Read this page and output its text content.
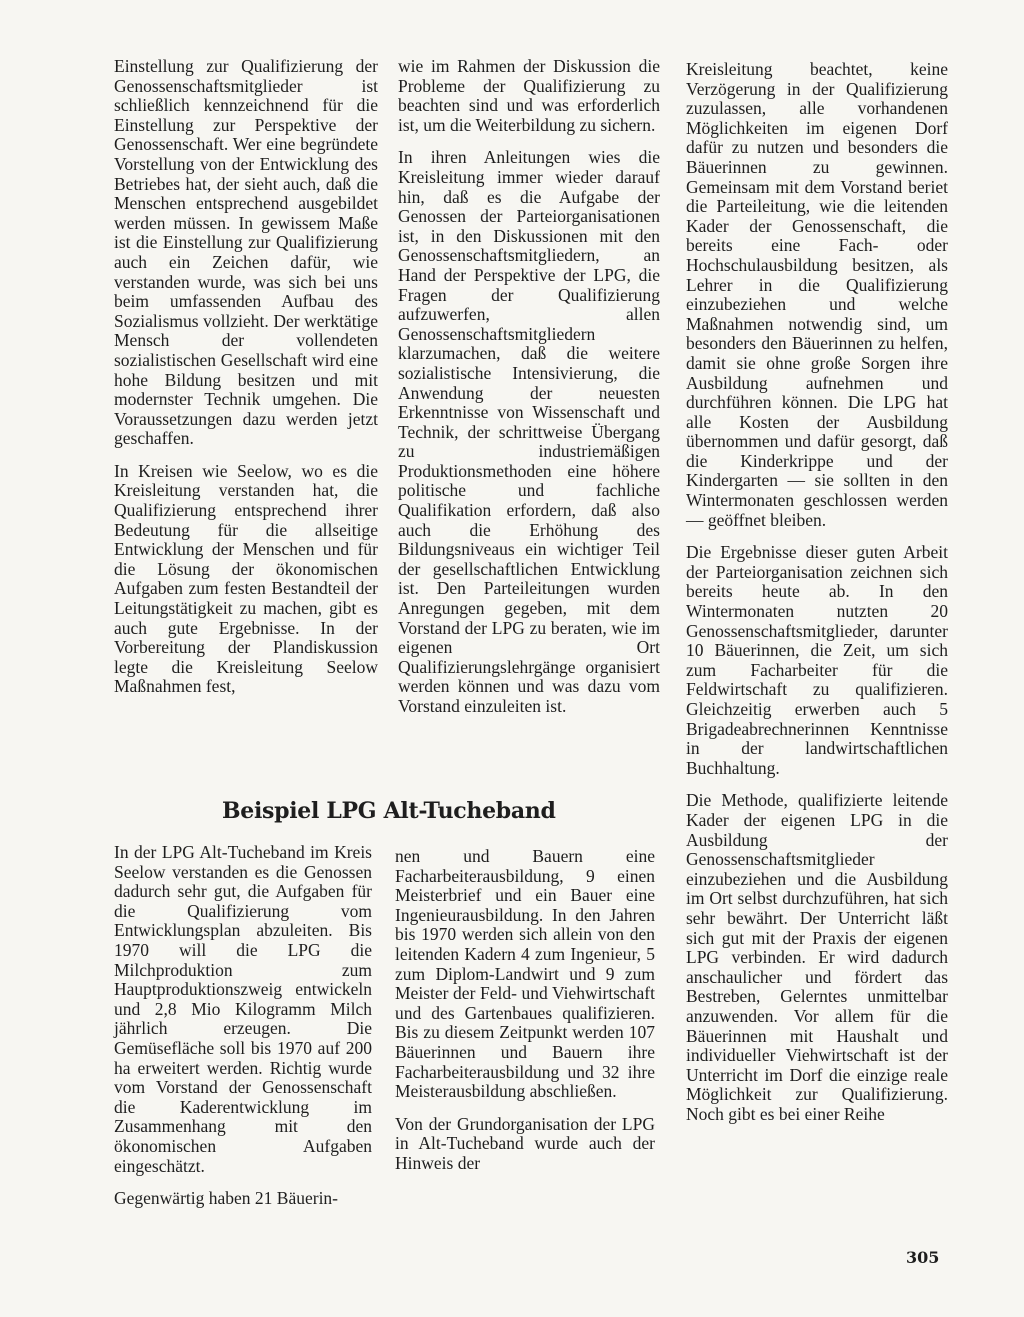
Einstellung zur Qualifizierung der Genossenschaftsmitglieder ist schließlich kennzeichnend für die Einstellung zur Perspektive der Genossenschaft. Wer eine begründete Vorstellung von der Entwicklung des Betriebes hat, der sieht auch, daß die Menschen entsprechend ausgebildet werden müssen. In gewissem Maße ist die Einstellung zur Qualifizierung auch ein Zeichen dafür, wie verstanden wurde, was sich bei uns beim umfassenden Aufbau des Sozialismus vollzieht. Der werktätige Mensch der vollendeten sozialistischen Gesellschaft wird eine hohe Bildung besitzen und mit modernster Technik umgehen. Die Voraussetzungen dazu werden jetzt geschaffen.

In Kreisen wie Seelow, wo es die Kreisleitung verstanden hat, die Qualifizierung entsprechend ihrer Bedeutung für die allseitige Entwicklung der Menschen und für die Lösung der ökonomischen Aufgaben zum festen Bestandteil der Leitungstätigkeit zu machen, gibt es auch gute Ergebnisse. In der Vorbereitung der Plandiskussion legte die Kreisleitung Seelow Maßnahmen fest,

wie im Rahmen der Diskussion die Probleme der Qualifizierung zu beachten sind und was erforderlich ist, um die Weiterbildung zu sichern.

In ihren Anleitungen wies die Kreisleitung immer wieder darauf hin, daß es die Aufgabe der Genossen der Parteiorganisationen ist, in den Diskussionen mit den Genossenschaftsmitgliedern, an Hand der Perspektive der LPG, die Fragen der Qualifizierung aufzuwerfen, allen Genossenschaftsmitgliedern klarzumachen, daß die weitere sozialistische Intensivierung, die Anwendung der neuesten Erkenntnisse von Wissenschaft und Technik, der schrittweise Übergang zu industriemäßigen Produktionsmethoden eine höhere politische und fachliche Qualifikation erfordern, daß also auch die Erhöhung des Bildungsniveaus ein wichtiger Teil der gesellschaftlichen Entwicklung ist. Den Parteileitungen wurden Anregungen gegeben, mit dem Vorstand der LPG zu beraten, wie im eigenen Ort Qualifizierungslehrgänge organisiert werden können und was dazu vom Vorstand einzuleiten ist.

Kreisleitung beachtet, keine Verzögerung in der Qualifizierung zuzulassen, alle vorhandenen Möglichkeiten im eigenen Dorf dafür zu nutzen und besonders die Bäuerinnen zu gewinnen. Gemeinsam mit dem Vorstand beriet die Parteileitung, wie die leitenden Kader der Genossenschaft, die bereits eine Fach- oder Hochschulausbildung besitzen, als Lehrer in die Qualifizierung einzubeziehen und welche Maßnahmen notwendig sind, um besonders den Bäuerinnen zu helfen, damit sie ohne große Sorgen ihre Ausbildung aufnehmen und durchführen können. Die LPG hat alle Kosten der Ausbildung übernommen und dafür gesorgt, daß die Kinderkrippe und der Kindergarten — sie sollten in den Wintermonaten geschlossen werden — geöffnet bleiben.

Die Ergebnisse dieser guten Arbeit der Parteiorganisation zeichnen sich bereits heute ab. In den Wintermonaten nutzten 20 Genossenschaftsmitglieder, darunter 10 Bäuerinnen, die Zeit, um sich zum Facharbeiter für die Feldwirtschaft zu qualifizieren. Gleichzeitig erwerben auch 5 Brigadeabrechnerinnen Kenntnisse in der landwirtschaftlichen Buchhaltung.

Die Methode, qualifizierte leitende Kader der eigenen LPG in die Ausbildung der Genossenschaftsmitglieder einzubeziehen und die Ausbildung im Ort selbst durchzuführen, hat sich sehr bewährt. Der Unterricht läßt sich gut mit der Praxis der eigenen LPG verbinden. Er wird dadurch anschaulicher und fördert das Bestreben, Gelerntes unmittelbar anzuwenden. Vor allem für die Bäuerinnen mit Haushalt und individueller Viehwirtschaft ist der Unterricht im Dorf die einzige reale Möglichkeit zur Qualifizierung. Noch gibt es bei einer Reihe

Beispiel LPG Alt-Tucheband

In der LPG Alt-Tucheband im Kreis Seelow verstanden es die Genossen dadurch sehr gut, die Aufgaben für die Qualifizierung vom Entwicklungsplan abzuleiten. Bis 1970 will die LPG die Milchproduktion zum Hauptproduktionszweig entwickeln und 2,8 Mio Kilogramm Milch jährlich erzeugen. Die Gemüsefläche soll bis 1970 auf 200 ha erweitert werden. Richtig wurde vom Vorstand der Genossenschaft die Kaderentwicklung im Zusammenhang mit den ökonomischen Aufgaben eingeschätzt.

Gegenwärtig haben 21 Bäuerin-

nen und Bauern eine Facharbeiterausbildung, 9 einen Meisterbrief und ein Bauer eine Ingenieurausbildung. In den Jahren bis 1970 werden sich allein von den leitenden Kadern 4 zum Ingenieur, 5 zum Diplom-Landwirt und 9 zum Meister der Feld- und Viehwirtschaft und des Gartenbaues qualifizieren. Bis zu diesem Zeitpunkt werden 107 Bäuerinnen und Bauern ihre Facharbeiterausbildung und 32 ihre Meisterausbildung abschließen.

Von der Grundorganisation der LPG in Alt-Tucheband wurde auch der Hinweis der

305
